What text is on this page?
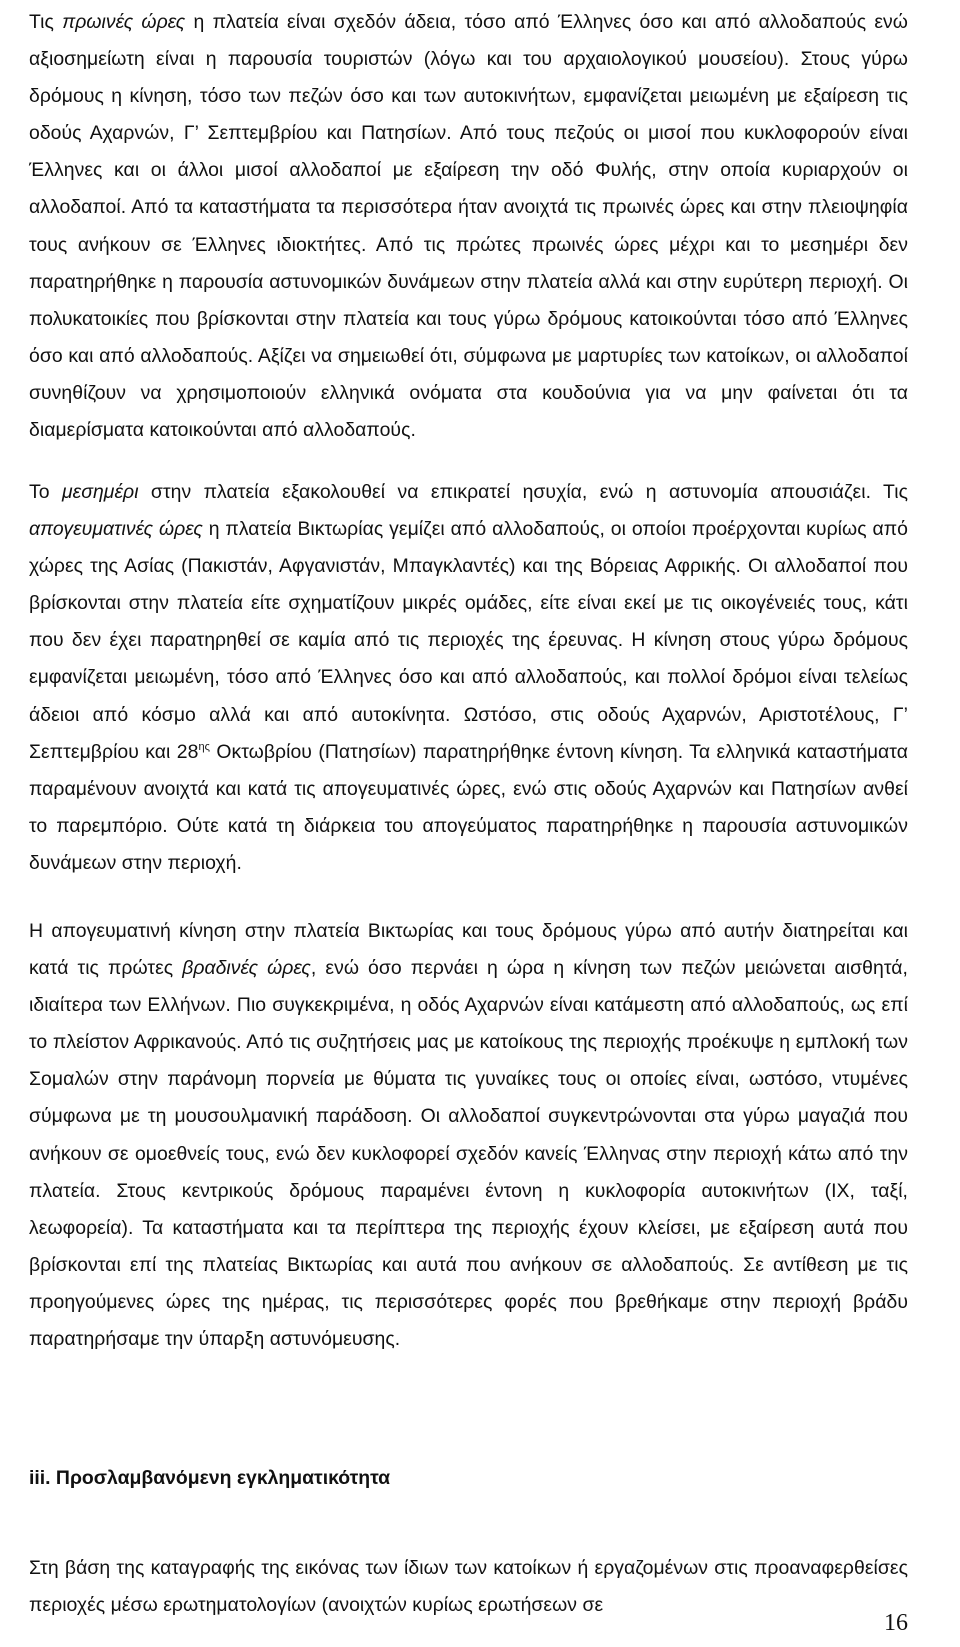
Τις πρωινές ώρες η πλατεία είναι σχεδόν άδεια, τόσο από Έλληνες όσο και από αλλοδαπούς ενώ αξιοσημείωτη είναι η παρουσία τουριστών (λόγω και του αρχαιολογικού μουσείου). Στους γύρω δρόμους η κίνηση, τόσο των πεζών όσο και των αυτοκινήτων, εμφανίζεται μειωμένη με εξαίρεση τις οδούς Αχαρνών, Γ’ Σεπτεμβρίου και Πατησίων. Από τους πεζούς οι μισοί που κυκλοφορούν είναι Έλληνες και οι άλλοι μισοί αλλοδαποί με εξαίρεση την οδό Φυλής, στην οποία κυριαρχούν οι αλλοδαποί. Από τα καταστήματα τα περισσότερα ήταν ανοιχτά τις πρωινές ώρες και στην πλειοψηφία τους ανήκουν σε Έλληνες ιδιοκτήτες. Από τις πρώτες πρωινές ώρες μέχρι και το μεσημέρι δεν παρατηρήθηκε η παρουσία αστυνομικών δυνάμεων στην πλατεία αλλά και στην ευρύτερη περιοχή. Οι πολυκατοικίες που βρίσκονται στην πλατεία και τους γύρω δρόμους κατοικούνται τόσο από Έλληνες όσο και από αλλοδαπούς. Αξίζει να σημειωθεί ότι, σύμφωνα με μαρτυρίες των κατοίκων, οι αλλοδαποί συνηθίζουν να χρησιμοποιούν ελληνικά ονόματα στα κουδούνια για να μην φαίνεται ότι τα διαμερίσματα κατοικούνται από αλλοδαπούς.

Το μεσημέρι στην πλατεία εξακολουθεί να επικρατεί ησυχία, ενώ η αστυνομία απουσιάζει. Τις απογευματινές ώρες η πλατεία Βικτωρίας γεμίζει από αλλοδαπούς, οι οποίοι προέρχονται κυρίως από χώρες της Ασίας (Πακιστάν, Αφγανιστάν, Μπαγκλαντές) και της Βόρειας Αφρικής. Οι αλλοδαποί που βρίσκονται στην πλατεία είτε σχηματίζουν μικρές ομάδες, είτε είναι εκεί με τις οικογένειές τους, κάτι που δεν έχει παρατηρηθεί σε καμία από τις περιοχές της έρευνας. Η κίνηση στους γύρω δρόμους εμφανίζεται μειωμένη, τόσο από Έλληνες όσο και από αλλοδαπούς, και πολλοί δρόμοι είναι τελείως άδειοι από κόσμο αλλά και από αυτοκίνητα. Ωστόσο, στις οδούς Αχαρνών, Αριστοτέλους, Γ’ Σεπτεμβρίου και $28^{\eta\varsigma}$ Οκτωβρίου (Πατησίων) παρατηρήθηκε έντονη κίνηση. Τα ελληνικά καταστήματα παραμένουν ανοιχτά και κατά τις απογευματινές ώρες, ενώ στις οδούς Αχαρνών και Πατησίων ανθεί το παρεμπόριο. Ούτε κατά τη διάρκεια του απογεύματος παρατηρήθηκε η παρουσία αστυνομικών δυνάμεων στην περιοχή.

Η απογευματινή κίνηση στην πλατεία Βικτωρίας και τους δρόμους γύρω από αυτήν διατηρείται και κατά τις πρώτες βραδινές ώρες, ενώ όσο περνάει η ώρα η κίνηση των πεζών μειώνεται αισθητά, ιδιαίτερα των Ελλήνων. Πιο συγκεκριμένα, η οδός Αχαρνών είναι κατάμεστη από αλλοδαπούς, ως επί το πλείστον Αφρικανούς. Από τις συζητήσεις μας με κατοίκους της περιοχής προέκυψε η εμπλοκή των Σομαλών στην παράνομη πορνεία με θύματα τις γυναίκες τους οι οποίες είναι, ωστόσο, ντυμένες σύμφωνα με τη μουσουλμανική παράδοση. Οι αλλοδαποί συγκεντρώνονται στα γύρω μαγαζιά που ανήκουν σε ομοεθνείς τους, ενώ δεν κυκλοφορεί σχεδόν κανείς Έλληνας στην περιοχή κάτω από την πλατεία. Στους κεντρικούς δρόμους παραμένει έντονη η κυκλοφορία αυτοκινήτων (ΙΧ, ταξί, λεωφορεία). Τα καταστήματα και τα περίπτερα της περιοχής έχουν κλείσει, με εξαίρεση αυτά που βρίσκονται επί της πλατείας Βικτωρίας και αυτά που ανήκουν σε αλλοδαπούς. Σε αντίθεση με τις προηγούμενες ώρες της ημέρας, τις περισσότερες φορές που βρεθήκαμε στην περιοχή βράδυ παρατηρήσαμε την ύπαρξη αστυνόμευσης.

iii. Προσλαμβανόμενη εγκληματικότητα

Στη βάση της καταγραφής της εικόνας των ίδιων των κατοίκων ή εργαζομένων στις προαναφερθείσες περιοχές μέσω ερωτηματολογίων (ανοιχτών κυρίως ερωτήσεων σε

16
